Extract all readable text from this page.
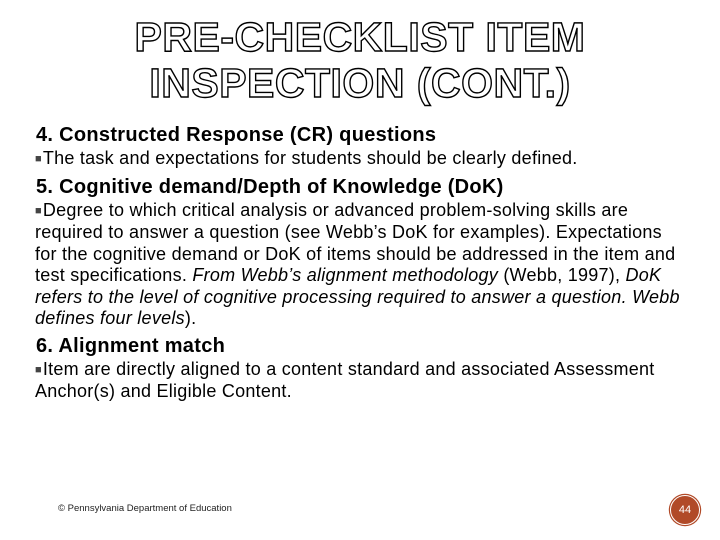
PRE-CHECKLIST ITEM
INSPECTION (CONT.)
4. Constructed Response (CR) questions
■The task and expectations for students should be clearly defined.
5. Cognitive demand/Depth of Knowledge (DoK)
■Degree to which critical analysis or advanced problem-solving skills are required to answer a question (see Webb’s DoK for examples). Expectations for the cognitive demand or DoK of items should be addressed in the item and test specifications. From Webb’s alignment methodology (Webb, 1997), DoK refers to the level of cognitive processing required to answer a question. Webb defines four levels).
6. Alignment match
■Item are directly aligned to a content standard and associated Assessment Anchor(s) and Eligible Content.
© Pennsylvania Department of Education	44
